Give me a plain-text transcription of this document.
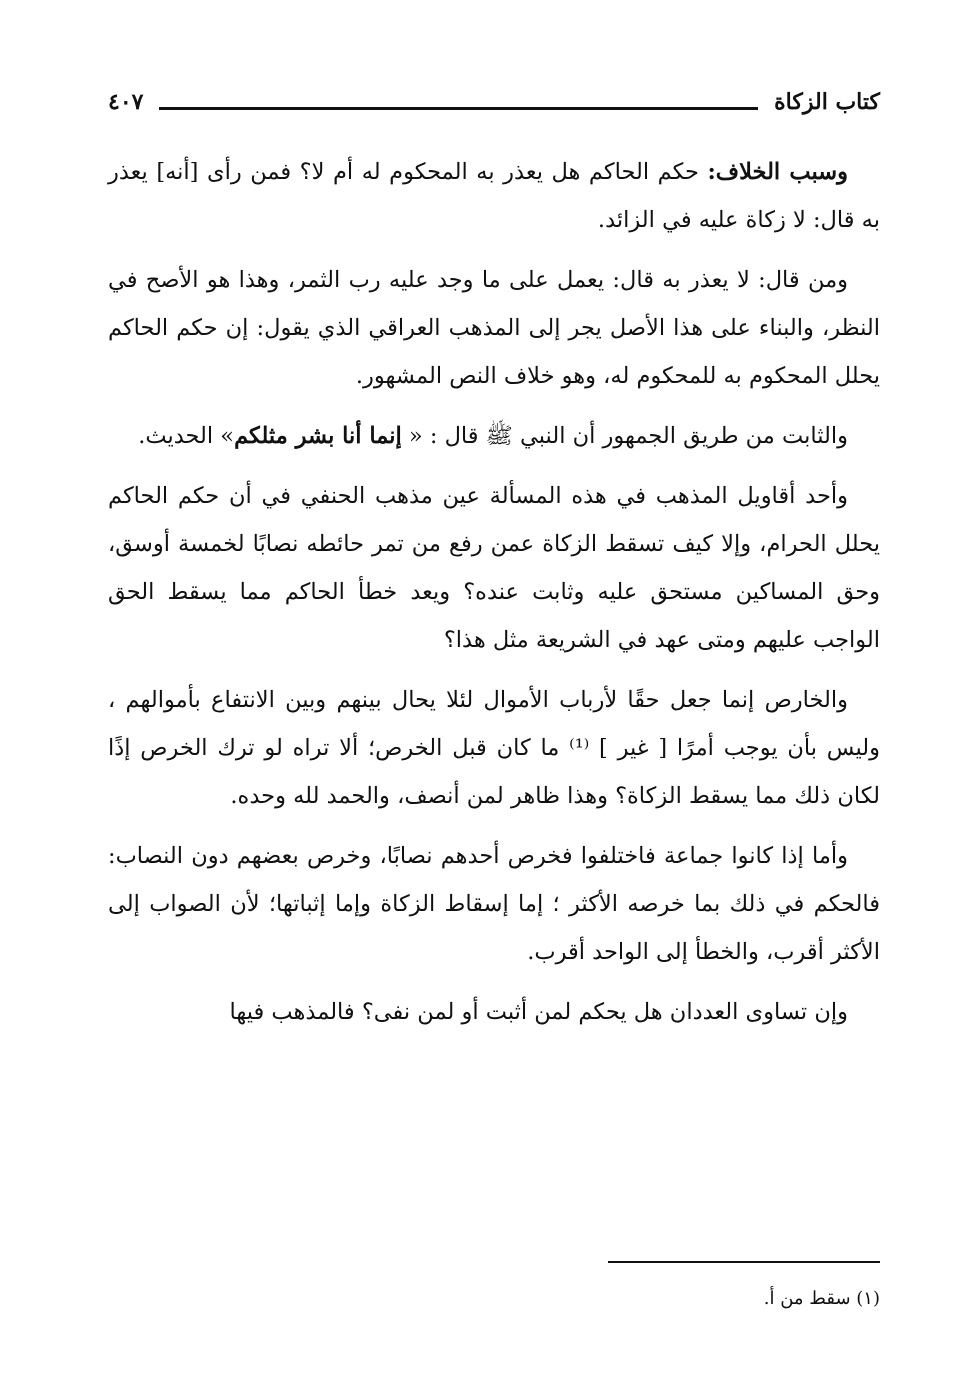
كتاب الزكاة
٤٠٧

وسبب الخلاف: حكم الحاكم هل يعذر به المحكوم له أم لا؟ فمن رأى [أنه] يعذر به قال: لا زكاة عليه في الزائد.

ومن قال: لا يعذر به قال: يعمل على ما وجد عليه رب الثمر، وهذا هو الأصح في النظر، والبناء على هذا الأصل يجر إلى المذهب العراقي الذي يقول: إن حكم الحاكم يحلل المحكوم به للمحكوم له، وهو خلاف النص المشهور.

والثابت من طريق الجمهور أن النبي ﷺ قال : « إنما أنا بشر مثلكم» الحديث.

وأحد أقاويل المذهب في هذه المسألة عين مذهب الحنفي في أن حكم الحاكم يحلل الحرام، وإلا كيف تسقط الزكاة عمن رفع من تمر حائطه نصابًا لخمسة أوسق، وحق المساكين مستحق عليه وثابت عنده؟ ويعد خطأ الحاكم مما يسقط الحق الواجب عليهم ومتى عهد في الشريعة مثل هذا؟

والخارص إنما جعل حقًا لأرباب الأموال لئلا يحال بينهم وبين الانتفاع بأموالهم ، وليس بأن يوجب أمرًا [ غير ] ⁽¹⁾ ما كان قبل الخرص؛ ألا تراه لو ترك الخرص إذًا لكان ذلك مما يسقط الزكاة؟ وهذا ظاهر لمن أنصف، والحمد لله وحده.

وأما إذا كانوا جماعة فاختلفوا فخرص أحدهم نصابًا، وخرص بعضهم دون النصاب: فالحكم في ذلك بما خرصه الأكثر ؛ إما إسقاط الزكاة وإما إثباتها؛ لأن الصواب إلى الأكثر أقرب، والخطأ إلى الواحد أقرب.

وإن تساوى العددان هل يحكم لمن أثبت أو لمن نفى؟ فالمذهب فيها

(١) سقط من أ.
